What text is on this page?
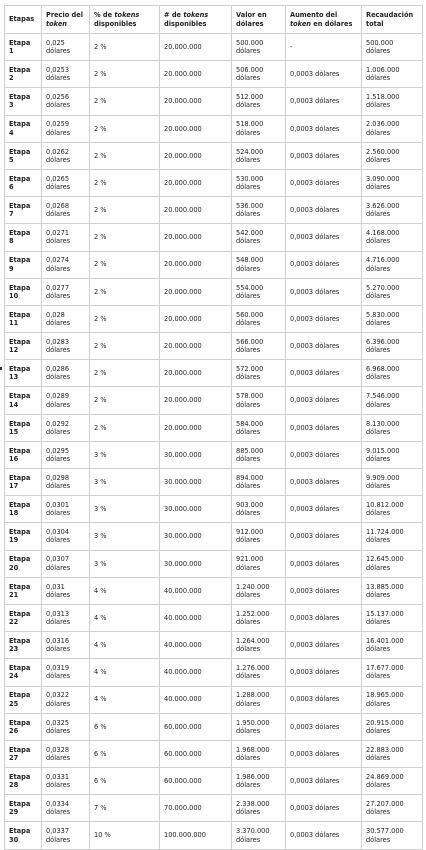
Etapas	Precio del token	% de tokens disponibles	# de tokens disponibles	Valor en dólares	Aumento del token en dólares	Recaudación total
Etapa 1	0,025 dólares	2 %	20.000.000	500.000 dólares	-	500.000 dólares
Etapa 2	0,0253 dólares	2 %	20.000.000	506.000 dólares	0,0003 dólares	1.006.000 dólares
Etapa 3	0,0256 dólares	2 %	20.000.000	512.000 dólares	0,0003 dólares	1.518.000 dólares
Etapa 4	0,0259 dólares	2 %	20.000.000	518.000 dólares	0,0003 dólares	2.036.000 dólares
Etapa 5	0,0262 dólares	2 %	20.000.000	524.000 dólares	0,0003 dólares	2.560.000 dólares
Etapa 6	0,0265 dólares	2 %	20.000.000	530.000 dólares	0,0003 dólares	3.090.000 dólares
Etapa 7	0,0268 dólares	2 %	20.000.000	536.000 dólares	0,0003 dólares	3.626.000 dólares
Etapa 8	0,0271 dólares	2 %	20.000.000	542.000 dólares	0,0003 dólares	4.168.000 dólares
Etapa 9	0,0274 dólares	2 %	20.000.000	548.000 dólares	0,0003 dólares	4.716.000 dólares
Etapa 10	0,0277 dólares	2 %	20.000.000	554.000 dólares	0,0003 dólares	5.270.000 dólares
Etapa 11	0,028 dólares	2 %	20.000.000	560.000 dólares	0,0003 dólares	5.830.000 dólares
Etapa 12	0,0283 dólares	2 %	20.000.000	566.000 dólares	0,0003 dólares	6.396.000 dólares
Etapa 13	0,0286 dólares	2 %	20.000.000	572.000 dólares	0,0003 dólares	6.968.000 dólares
Etapa 14	0,0289 dólares	2 %	20.000.000	578.000 dólares	0,0003 dólares	7.546.000 dólares
Etapa 15	0,0292 dólares	2 %	20.000.000	584.000 dólares	0,0003 dólares	8.130.000 dólares
Etapa 16	0,0295 dólares	3 %	30.000.000	885.000 dólares	0,0003 dólares	9.015.000 dólares
Etapa 17	0,0298 dólares	3 %	30.000.000	894.000 dólares	0,0003 dólares	9.909.000 dólares
Etapa 18	0,0301 dólares	3 %	30.000.000	903.000 dólares	0,0003 dólares	10.812.000 dólares
Etapa 19	0,0304 dólares	3 %	30.000.000	912.000 dólares	0,0003 dólares	11.724.000 dólares
Etapa 20	0,0307 dólares	3 %	30.000.000	921.000 dólares	0,0003 dólares	12.645.000 dólares
Etapa 21	0,031 dólares	4 %	40.000.000	1.240.000 dólares	0,0003 dólares	13.885.000 dólares
Etapa 22	0,0313 dólares	4 %	40.000.000	1.252.000 dólares	0,0003 dólares	15.137.000 dólares
Etapa 23	0,0316 dólares	4 %	40.000.000	1.264.000 dólares	0,0003 dólares	16.401.000 dólares
Etapa 24	0,0319 dólares	4 %	40.000.000	1.276.000 dólares	0,0003 dólares	17.677.000 dólares
Etapa 25	0,0322 dólares	4 %	40.000.000	1.288.000 dólares	0,0003 dólares	18.965.000 dólares
Etapa 26	0,0325 dólares	6 %	60.000.000	1.950.000 dólares	0,0003 dólares	20.915.000 dólares
Etapa 27	0,0328 dólares	6 %	60.000.000	1.968.000 dólares	0,0003 dólares	22.883.000 dólares
Etapa 28	0,0331 dólares	6 %	60.000.000	1.986.000 dólares	0,0003 dólares	24.869.000 dólares
Etapa 29	0,0334 dólares	7 %	70.000.000	2.338.000 dólares	0,0003 dólares	27.207.000 dólares
Etapa 30	0,0337 dólares	10 %	100.000.000	3.370.000 dólares	0,0003 dólares	30.577.000 dólares
